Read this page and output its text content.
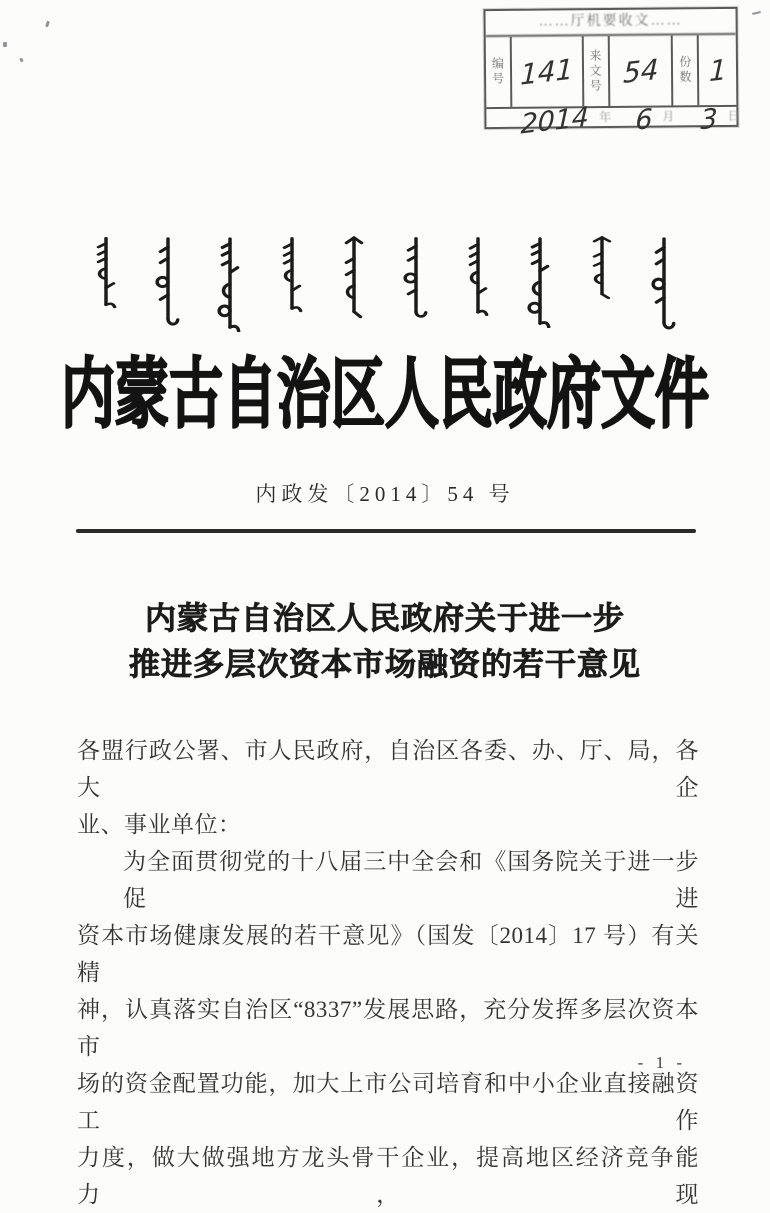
……厅机要收文……
编号 141	来文号 54	份数 1
2014 年 6 月 3 日
内蒙古自治区人民政府文件
内政发〔2014〕54 号
内蒙古自治区人民政府关于进一步
推进多层次资本市场融资的若干意见
各盟行政公署、市人民政府，自治区各委、办、厅、局，各大企
业、事业单位：
为全面贯彻党的十八届三中全会和《国务院关于进一步促进
资本市场健康发展的若干意见》（国发〔2014〕17 号）有关精
神，认真落实自治区“8337”发展思路，充分发挥多层次资本市
场的资金配置功能，加大上市公司培育和中小企业直接融资工作
力度，做大做强地方龙头骨干企业，提高地区经济竞争能力，现
- 1 -
